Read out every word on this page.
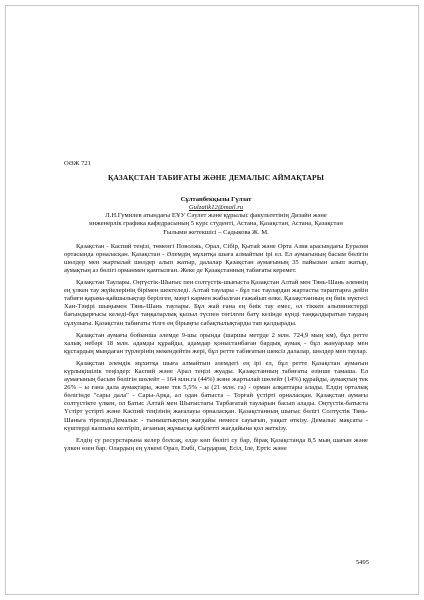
ОӘЖ 721
ҚАЗАҚСТАН ТАБИҒАТЫ ЖӘНЕ ДЕМАЛЫС АЙМАҚТАРЫ
Сұлтанбекқызы Гүлзат
Gulzatik12@mail.ru
Л.Н.Гумилев атындағы ЕҰУ Сәулет және құрылыс факультетінің Дизайн және
инженерлік графика кафедрасының 5 курс студенті, Астана, Қазақстан, Астана, Қазақстан
Ғылыми жетекшісі – Садыкова Ж. М.

Қазақстан - Каспий теңізі, төменгі Поволжь, Орал, Сібір, Қытай және Орта Азия арасындағы Еуразия ортасында орналасқан. Қазақстан - Әлемдің мұхитқа шыға алмайтын ірі ел. Ел аумағының басым бөлігін шөлдер мен жартылай шөлдер алып жатыр, далалар Қазақстан аумағының 35 пайызын алып жатыр, аумақтың аз бөлігі орманмен қамтылған. Жеке де Қазақстанның табиғаты керемет.

Қазақстан Таулары. Оңтүстік-Шығыс пен солтүстік-шығыста Қазақстан Алтай мен Тянь-Шань әлемнің ең үлкен тау жүйелерінің бірімен шектеледі. Алтай таулары - бұл тас таулардан жартасты тараптарға дейін табиғи қарама-қайшылықтар берілген, мәңгі кармен жабылған ғажайып өлке. Қазақстанның ең биік нүктесі Хан-Тәңірі шыңымен Тянь-Шань таулары. Бұл жай ғана ең биік тау емес, ол тіккен альпинистерді бағындырғысы келеді-бұл таңқаларлық қызыл түспен төгілген батү кезінде күнді таңқалдыратын таудың сұлулығы. Қазақстан табиғаты тілге ең бірыңғы сабақтылықтарды тап қалдырады.

Қазақстан аумағы бойынша әлемде 9-шы орында (шаршы метрде 2 млн. 724,9 мың км), бұл ретте халық небәрі 18 млн. адамды құрайды, адамдар қоныстанбаған бардық аумақ - бұл жануарлар мен құстардың мыңдаған түрлерінің мекендейтін жері, бұл ретте табиғатын шексіз далалар, шөлдер мен таулар.

Қазақстан әлемдік мұхитқа шыға алмайтын әлемдегі ең ірі ел, бұл ретте Қазақстан аумағын күрлықішілік теңіздер: Каспий және Арал теңізі жуады. Қазақстанның табиғаты өзінше тамаша. Ел аумағының басым бөлігін шөлейт – 164 млн.га (44%) және жартылай шөлейт (14%) құрайды, аумақтың тек 26% – ы ғана дала аумақтары, және тек 5,5% - ы (21 млн. га) - орман алқаптары алады. Елдің орталық бөлігінде "сары дала" - Сары-Арқа, ал одан батыста – Торғай үстірті орналасқан. Қазақстан аумағы солтүстікте үлкен, ол Батыс Алтай мен Шығыстағы Тарбағатай тауларын басып алады. Оңтүстік-батыста Үстірт үстірті және Каспий теңізінің жағалауы орналасқан. Қазақстанның шығыс бөлігі Солтүстік Тянь-Шаньға тіреледі.Демалыс - тыныштықтың жағдайы немесе сауығып, уақыт өткізу. Демалыс мақсаты - күштерді калпына келтіріп, ағзаның жұмысқа қабілетті жағдайына қол жеткізу.

Елдің су ресурстарына келер болсақ, елде көп бөлігі су бар, бірақ Қазақстанда 8,5 мың шағын және үлкен өзен бар. Олардың ең үлкені Орал, Ембі, Сырдария, Есіл, Іле, Ертіс және

5495
